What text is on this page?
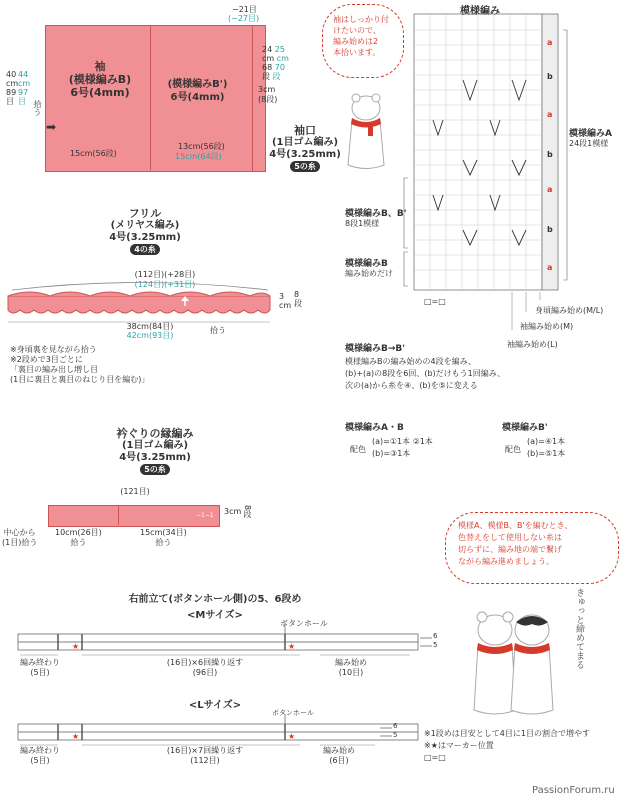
−21目
(−27目)
40
cm
89
目
44
cm
97
目 拾う
➡
袖
(模様編みB)
6号(4mm)
(模様編みB')
6号(4mm)
24 25
cm cm
68 70
段 段
3cm
(8段)
15cm(56段)
13cm(56段)
15cm(64段)
袖口
(1目ゴム編み)
4号(3.25mm)
5の糸
フリル
(メリヤス編み)
4号(3.25mm)
4の糸
(112目)(+28目)
(124目)(+31目)
3
cm
8
段
38cm(84目)
42cm(93目)
拾う
※身頃裏を見ながら拾う
※2段めで3目ごとに
「裏目の編み出し増し目
(1目に裏目と裏目のねじり目を編む)」
衿ぐりの縁編み
(1目ゴム編み)
4号(3.25mm)
5の糸
(121目)
−1−1 3cm 8段
中心から
(1目)拾う
10cm(26目)
拾う
15cm(34目)
拾う
右前立て(ボタンホール側)の5、6段め
<Mサイズ>
ボタンホール
★	★
6
5
編み終わり
(5目)
(16目)×6回繰り返す
(96目)
編み始め
(10目)
<Lサイズ>
ボタンホール
★	★
6
5
編み終わり
(5目)
(16目)×7回繰り返す
(112目)
編み始め
(6目)
模様編み
a
b
a
b
a
b
a
模様編みA
24段1模様
模様編みB、B'
8段1模様
模様編みB
編み始めだけ
□=□
身頃編み始め(M/L)
袖編み始め(M)
袖編み始め(L)
袖はしっかり付
けたいので、
編み始めは2
本拾います。
模様編みB→B'
模様編みBの編み始めの4段を編み、
(b)+(a)の8段を6回、(b)だけもう1回編み、
次の(a)から糸を④、(b)を⑤に変える
模様編みA・B
配色
(a)=①1本 ②1本
(b)=③1本
模様編みB'
配色
(a)=④1本
(b)=⑤1本
模様A、模様B、B'を編むとき、
色替えをして使用しない糸は
切らずに、編み地の端で繋げ
ながら編み進めましょう。
きゅっと締めてまる
※1段めは目安として4目に1目の割合で増やす
※★はマーカー位置
□=□
PassionForum.ru
